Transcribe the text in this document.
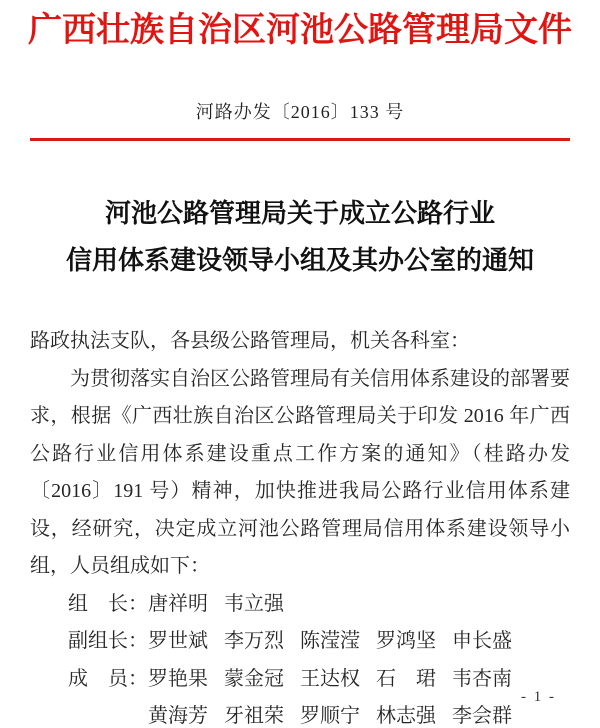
广西壮族自治区河池公路管理局文件
河路办发〔2016〕133 号
河池公路管理局关于成立公路行业
信用体系建设领导小组及其办公室的通知

路政执法支队，各县级公路管理局，机关各科室：

为贯彻落实自治区公路管理局有关信用体系建设的部署要求，根据《广西壮族自治区公路管理局关于印发 2016 年广西公路行业信用体系建设重点工作方案的通知》（桂路办发〔2016〕191 号）精神，加快推进我局公路行业信用体系建设，经研究，决定成立河池公路管理局信用体系建设领导小组，人员组成如下：

组　长：唐祥明 韦立强
副组长：罗世斌 李万烈 陈滢滢 罗鸿坚 申长盛
成　员：罗艳果 蒙金冠 王达权 石　珺 韦杏南
黄海芳 牙祖荣 罗顺宁 林志强 李会群
- 1 -
